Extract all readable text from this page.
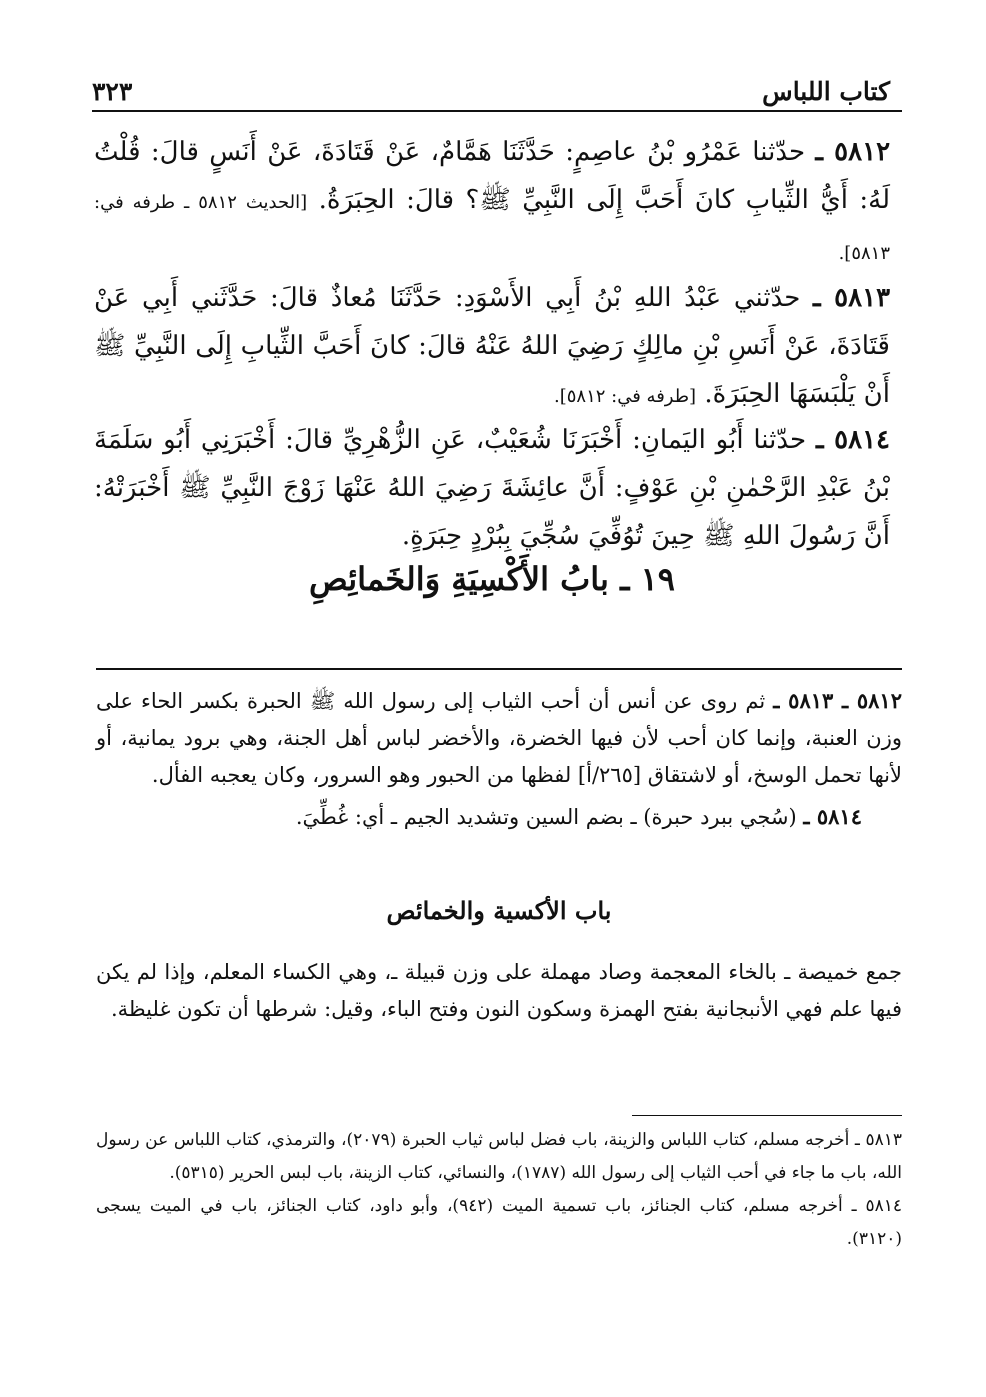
كتاب اللباس
٣٢٣

٥٨١٢ ـ حدّثنا عَمْرُو بْنُ عاصِمٍ: حَدَّثَنَا هَمَّامٌ، عَنْ قَتَادَةَ، عَنْ أَنَسٍ قالَ: قُلْتُ لَهُ: أَيُّ الثِّيابِ كانَ أَحَبَّ إِلَى النَّبِيِّ ﷺ؟ قالَ: الحِبَرَةُ. [الحديث ٥٨١٢ ـ طرفه في: ٥٨١٣].

٥٨١٣ ـ حدّثني عَبْدُ اللهِ بْنُ أَبِي الأَسْوَدِ: حَدَّثَنَا مُعاذٌ قالَ: حَدَّثَني أَبِي عَنْ قَتَادَةَ، عَنْ أَنَسِ بْنِ مالِكٍ رَضِيَ اللهُ عَنْهُ قالَ: كانَ أَحَبَّ الثِّيابِ إِلَى النَّبِيِّ ﷺ أَنْ يَلْبَسَهَا الحِبَرَةَ. [طرفه في: ٥٨١٢].

٥٨١٤ ـ حدّثنا أَبُو اليَمانِ: أَخْبَرَنَا شُعَيْبٌ، عَنِ الزُّهْرِيِّ قالَ: أَخْبَرَنِي أَبُو سَلَمَةَ بْنُ عَبْدِ الرَّحْمٰنِ بْنِ عَوْفٍ: أَنَّ عائِشَةَ رَضِيَ اللهُ عَنْهَا زَوْجَ النَّبِيِّ ﷺ أَخْبَرَتْهُ: أَنَّ رَسُولَ اللهِ ﷺ حِينَ تُوُفِّيَ سُجِّيَ بِبُرْدٍ حِبَرَةٍ.

١٩ ـ بابُ الأَكْسِيَةِ وَالخَمائِصِ

٥٨١٢ ـ ٥٨١٣ ـ ثم روى عن أنس أن أحب الثياب إلى رسول الله ﷺ الحبرة بكسر الحاء على وزن العنبة، وإنما كان أحب لأن فيها الخضرة، والأخضر لباس أهل الجنة، وهي برود يمانية، أو لأنها تحمل الوسخ، أو لاشتقاق [٢٦٥/أ] لفظها من الحبور وهو السرور، وكان يعجبه الفأل.

٥٨١٤ ـ (سُجي ببرد حبرة) ـ بضم السين وتشديد الجيم ـ أي: غُطِّيَ.

باب الأكسية والخمائص

جمع خميصة ـ بالخاء المعجمة وصاد مهملة على وزن قبيلة ـ، وهي الكساء المعلم، وإذا لم يكن فيها علم فهي الأنبجانية بفتح الهمزة وسكون النون وفتح الباء، وقيل: شرطها أن تكون غليظة.

٥٨١٣ ـ أخرجه مسلم، كتاب اللباس والزينة، باب فضل لباس ثياب الحبرة (٢٠٧٩)، والترمذي، كتاب اللباس عن رسول الله، باب ما جاء في أحب الثياب إلى رسول الله (١٧٨٧)، والنسائي، كتاب الزينة، باب لبس الحرير (٥٣١٥).

٥٨١٤ ـ أخرجه مسلم، كتاب الجنائز، باب تسمية الميت (٩٤٢)، وأبو داود، كتاب الجنائز، باب في الميت يسجى (٣١٢٠).
